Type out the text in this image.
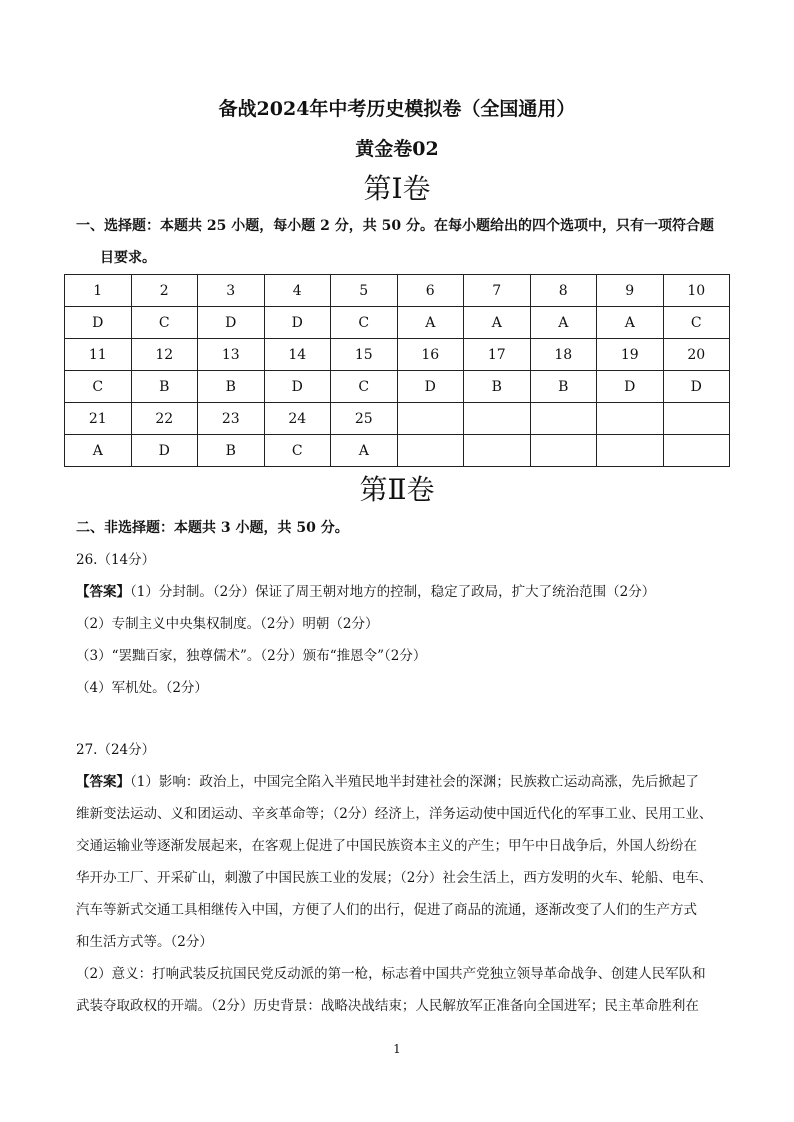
备战2024年中考历史模拟卷（全国通用）
黄金卷02
第Ⅰ卷
一、选择题：本题共 25 小题，每小题 2 分，共 50 分。在每小题给出的四个选项中，只有一项符合题
目要求。
1	2	3	4	5	6	7	8	9	10
D	C	D	D	C	A	A	A	A	C
11	12	13	14	15	16	17	18	19	20
C	B	B	D	C	D	B	B	D	D
21	22	23	24	25					
A	D	B	C	A					
第Ⅱ卷
二、非选择题：本题共 3 小题，共 50 分。
26.（14分）
【答案】（1）分封制。（2分）保证了周王朝对地方的控制，稳定了政局，扩大了统治范围（2分）
（2）专制主义中央集权制度。（2分）明朝（2分）
（3）“罢黜百家，独尊儒术”。（2分）颁布“推恩令”（2分）
（4）军机处。（2分）
27.（24分）
【答案】（1）影响：政治上，中国完全陷入半殖民地半封建社会的深渊；民族救亡运动高涨，先后掀起了
维新变法运动、义和团运动、辛亥革命等；（2分）经济上，洋务运动使中国近代化的军事工业、民用工业、
交通运输业等逐渐发展起来，在客观上促进了中国民族资本主义的产生；甲午中日战争后，外国人纷纷在
华开办工厂、开采矿山，刺激了中国民族工业的发展；（2分）社会生活上，西方发明的火车、轮船、电车、
汽车等新式交通工具相继传入中国，方便了人们的出行，促进了商品的流通，逐渐改变了人们的生产方式
和生活方式等。（2分）
（2）意义：打响武装反抗国民党反动派的第一枪，标志着中国共产党独立领导革命战争、创建人民军队和
武装夺取政权的开端。（2分）历史背景：战略决战结束；人民解放军正准备向全国进军；民主革命胜利在
1
